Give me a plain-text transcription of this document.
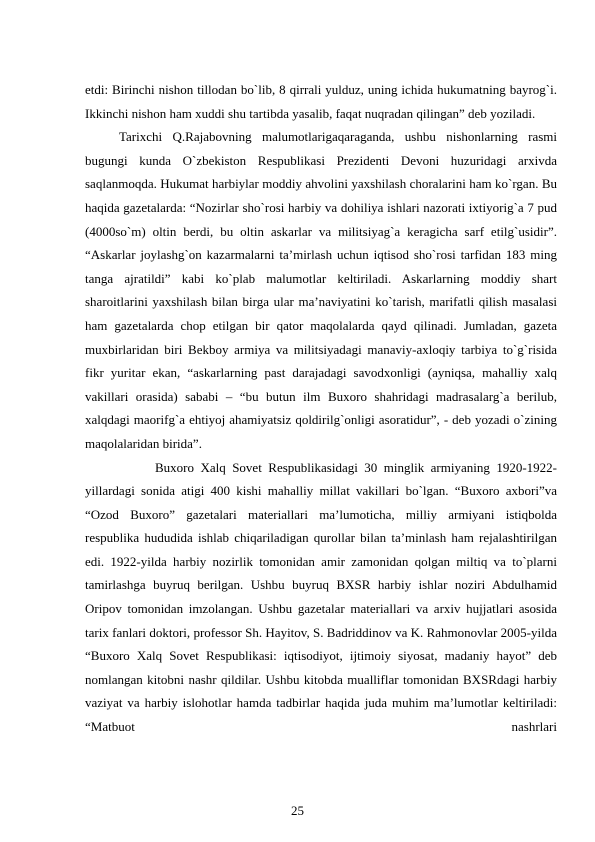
etdi: Birinchi nishon tillodan bo`lib, 8 qirrali yulduz, uning ichida hukumatning bayrog`i. Ikkinchi nishon ham xuddi shu tartibda yasalib, faqat nuqradan qilingan” deb yoziladi.

Tarixchi Q.Rajabovning malumotlarigaqaraganda, ushbu nishonlarning rasmi bugungi kunda O`zbekiston Respublikasi Prezidenti Devoni huzuridagi arxivda saqlanmoqda. Hukumat harbiylar moddiy ahvolini yaxshilash choralarini ham ko`rgan. Bu haqida gazetalarda: “Nozirlar sho`rosi harbiy va dohiliya ishlari nazorati ixtiyorig`a 7 pud (4000so`m) oltin berdi, bu oltin askarlar va militsiyag`a keragicha sarf etilg`usidir”. “Askarlar joylashg`on kazarmalarni ta’mirlash uchun iqtisod sho`rosi tarfidan 183 ming tanga ajratildi” kabi ko`plab malumotlar keltiriladi. Askarlarning moddiy shart sharoitlarini yaxshilash bilan birga ular ma’naviyatini ko`tarish, marifatli qilish masalasi ham gazetalarda chop etilgan bir qator maqolalarda qayd qilinadi. Jumladan, gazeta muxbirlaridan biri Bekboy armiya va militsiyadagi manaviy-axloqiy tarbiya to`g`risida fikr yuritar ekan, “askarlarning past darajadagi savodxonligi (ayniqsa, mahalliy xalq vakillari orasida) sababi – “bu butun ilm Buxoro shahridagi madrasalarg`a berilub, xalqdagi maorifg`a ehtiyoj ahamiyatsiz qoldirilg`onligi asoratidur”, - deb yozadi o`zining maqolalaridan birida”.

Buxoro Xalq Sovet Respublikasidagi 30 minglik armiyaning 1920-1922- yillardagi sonida atigi 400 kishi mahalliy millat vakillari bo`lgan. “Buxoro axbori”va “Ozod Buxoro” gazetalari materiallari ma’lumoticha, milliy armiyani istiqbolda respublika hududida ishlab chiqariladigan qurollar bilan ta’minlash ham rejalashtirilgan edi. 1922-yilda harbiy nozirlik tomonidan amir zamonidan qolgan miltiq va to`plarni tamirlashga buyruq berilgan. Ushbu buyruq BXSR harbiy ishlar noziri Abdulhamid Oripov tomonidan imzolangan. Ushbu gazetalar materiallari va arxiv hujjatlari asosida tarix fanlari doktori, professor Sh. Hayitov, S. Badriddinov va K. Rahmonovlar 2005-yilda “Buxoro Xalq Sovet Respublikasi: iqtisodiyot, ijtimoiy siyosat, madaniy hayot” deb nomlangan kitobni nashr qildilar. Ushbu kitobda mualliflar tomonidan BXSRdagi harbiy vaziyat va harbiy islohotlar hamda tadbirlar haqida juda muhim ma’lumotlar keltiriladi: “Matbuot nashrlari

25
